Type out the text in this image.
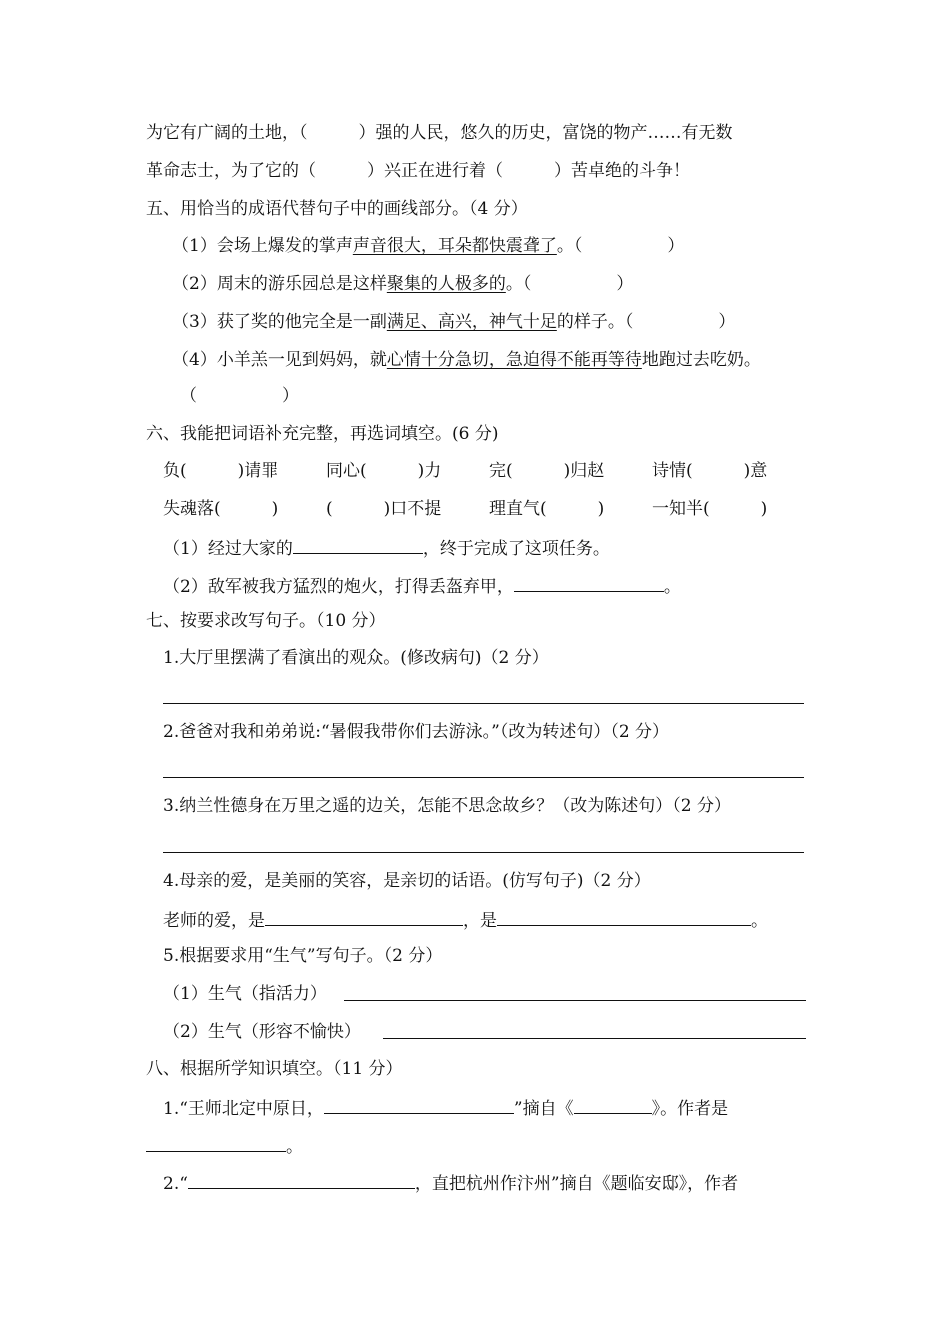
为它有广阔的土地，（　　　）强的人民，悠久的历史，富饶的物产……有无数
革命志士，为了它的（　　　）兴正在进行着（　　　）苦卓绝的斗争！
五、用恰当的成语代替句子中的画线部分。（4 分）
（1）会场上爆发的掌声声音很大，耳朵都快震聋了。（　　　　　）
（2）周末的游乐园总是这样聚集的人极多的。（　　　　　）
（3）获了奖的他完全是一副满足、高兴，神气十足的样子。（　　　　　）
（4）小羊羔一见到妈妈，就心情十分急切，急迫得不能再等待地跑过去吃奶。
（　　　　　）
六、我能把词语补充完整，再选词填空。(6 分)
负(　　　)请罪	同心(　　　)力	完(　　　)归赵	诗情(　　　)意
失魂落(　　　)	(　　　)口不提	理直气(　　　)	一知半(　　　)
（1）经过大家的	，终于完成了这项任务。
（2）敌军被我方猛烈的炮火，打得丢盔弃甲，	。
七、按要求改写句子。（10 分）
1.大厅里摆满了看演出的观众。(修改病句)（2 分）
2.爸爸对我和弟弟说:“暑假我带你们去游泳。”（改为转述句）（2 分）
3.纳兰性德身在万里之遥的边关，怎能不思念故乡？（改为陈述句）（2 分）
4.母亲的爱，是美丽的笑容，是亲切的话语。(仿写句子)（2 分）
老师的爱，是	，是	。
5.根据要求用“生气”写句子。（2 分）
（1）生气（指活力）
（2）生气（形容不愉快）
八、根据所学知识填空。（11 分）
1.“王师北定中原日，	”摘自《	》。作者是
。
2.“	，直把杭州作汴州”摘自《题临安邸》，作者
